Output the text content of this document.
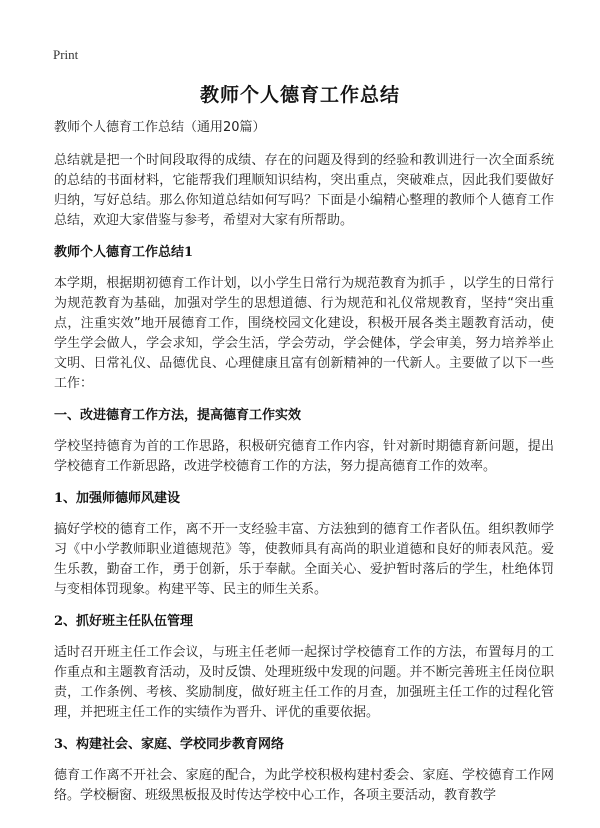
Print
教师个人德育工作总结

教师个人德育工作总结（通用20篇）

总结就是把一个时间段取得的成绩、存在的问题及得到的经验和教训进行一次全面系统的总结的书面材料，它能帮我们理顺知识结构，突出重点，突破难点，因此我们要做好归纳，写好总结。那么你知道总结如何写吗？下面是小编精心整理的教师个人德育工作总结，欢迎大家借鉴与参考，希望对大家有所帮助。

教师个人德育工作总结1

本学期，根据期初德育工作计划，以小学生日常行为规范教育为抓手 ，以学生的日常行为规范教育为基础，加强对学生的思想道德、行为规范和礼仪常规教育，坚持“突出重点，注重实效”地开展德育工作，围绕校园文化建设，积极开展各类主题教育活动，使学生学会做人，学会求知，学会生活，学会劳动，学会健体，学会审美，努力培养举止文明、日常礼仪、品德优良、心理健康且富有创新精神的一代新人。主要做了以下一些工作：

一、改进德育工作方法，提高德育工作实效

学校坚持德育为首的工作思路，积极研究德育工作内容，针对新时期德育新问题，提出学校德育工作新思路，改进学校德育工作的方法，努力提高德育工作的效率。

1、加强师德师风建设

搞好学校的德育工作，离不开一支经验丰富、方法独到的德育工作者队伍。组织教师学习《中小学教师职业道德规范》等，使教师具有高尚的职业道德和良好的师表风范。爱生乐教，勤奋工作，勇于创新，乐于奉献。全面关心、爱护暂时落后的学生，杜绝体罚与变相体罚现象。构建平等、民主的师生关系。

2、抓好班主任队伍管理

适时召开班主任工作会议，与班主任老师一起探讨学校德育工作的方法，布置每月的工作重点和主题教育活动，及时反馈、处理班级中发现的问题。并不断完善班主任岗位职责，工作条例、考核、奖励制度，做好班主任工作的月查，加强班主任工作的过程化管理，并把班主任工作的实绩作为晋升、评优的重要依据。

3、构建社会、家庭、学校同步教育网络

德育工作离不开社会、家庭的配合，为此学校积极构建村委会、家庭、学校德育工作网络。学校橱窗、班级黑板报及时传达学校中心工作，各项主要活动，教育教学
